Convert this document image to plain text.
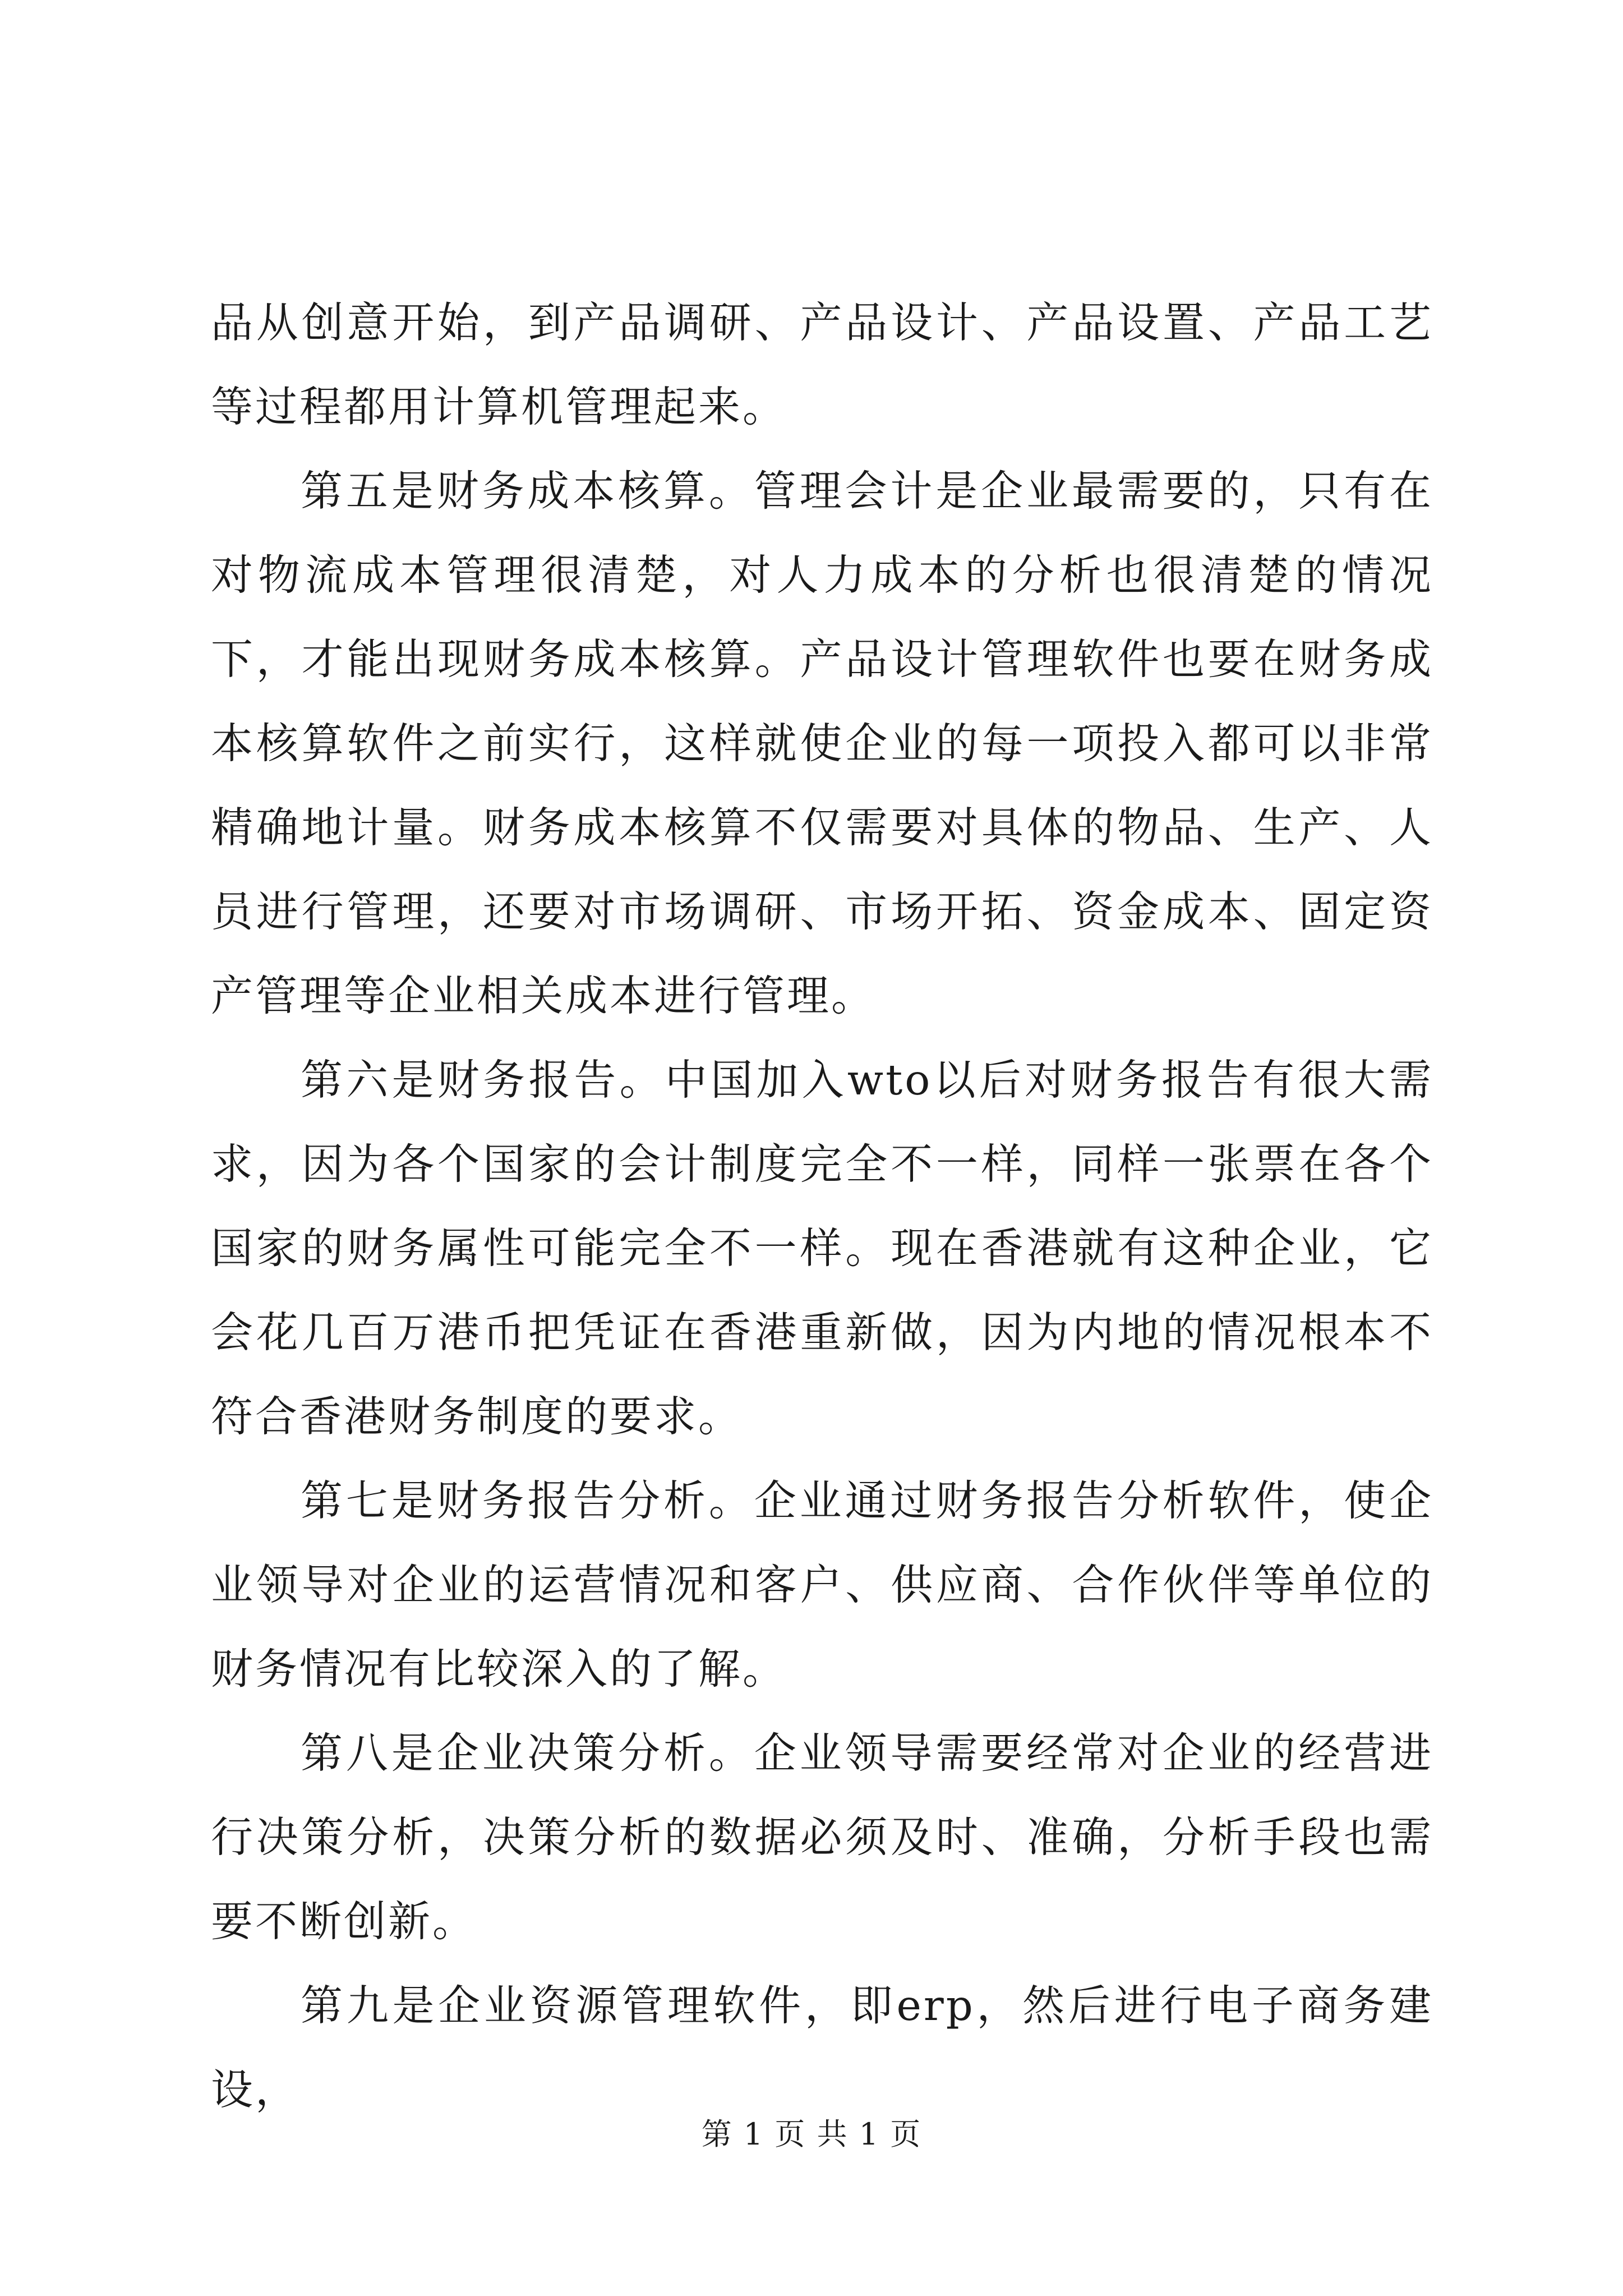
品从创意开始，到产品调研、产品设计、产品设置、产品工艺等过程都用计算机管理起来。

第五是财务成本核算。管理会计是企业最需要的，只有在对物流成本管理很清楚，对人力成本的分析也很清楚的情况下，才能出现财务成本核算。产品设计管理软件也要在财务成本核算软件之前实行，这样就使企业的每一项投入都可以非常精确地计量。财务成本核算不仅需要对具体的物品、生产、人员进行管理，还要对市场调研、市场开拓、资金成本、固定资产管理等企业相关成本进行管理。

第六是财务报告。中国加入wto以后对财务报告有很大需求，因为各个国家的会计制度完全不一样，同样一张票在各个国家的财务属性可能完全不一样。现在香港就有这种企业，它会花几百万港币把凭证在香港重新做，因为内地的情况根本不符合香港财务制度的要求。

第七是财务报告分析。企业通过财务报告分析软件，使企业领导对企业的运营情况和客户、供应商、合作伙伴等单位的财务情况有比较深入的了解。

第八是企业决策分析。企业领导需要经常对企业的经营进行决策分析，决策分析的数据必须及时、准确，分析手段也需要不断创新。

第九是企业资源管理软件，即erp，然后进行电子商务建设，

第 1 页 共 1 页
